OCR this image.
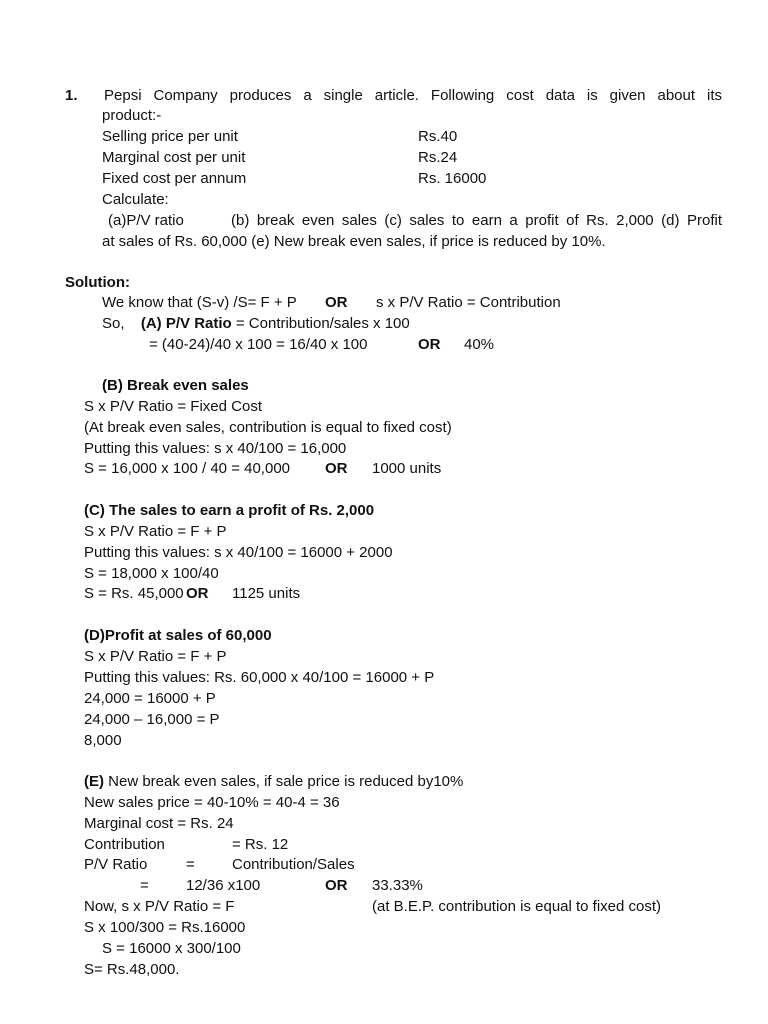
1. Pepsi Company produces a single article. Following cost data is given about its
product:-
Selling price per unit	Rs.40
Marginal cost per unit	Rs.24
Fixed cost per annum	Rs. 16000
Calculate:
(a)P/V ratio	(b) break even sales (c) sales to earn a profit of Rs. 2,000 (d) Profit
at sales of Rs. 60,000 (e) New break even sales, if price is reduced by 10%.
Solution:
We know that (S-v) /S= F + P OR s x P/V Ratio = Contribution
So, (A) P/V Ratio = Contribution/sales x 100
= (40-24)/40 x 100 = 16/40 x 100	OR 40%
(B) Break even sales
S x P/V Ratio = Fixed Cost
(At break even sales, contribution is equal to fixed cost)
Putting this values: s x 40/100 = 16,000
S = 16,000 x 100 / 40 = 40,000 OR 1000 units
(C) The sales to earn a profit of Rs. 2,000
S x P/V Ratio = F + P
Putting this values: s x 40/100 = 16000 + 2000
S = 18,000 x 100/40
S = Rs. 45,000 OR 1125 units
(D)Profit at sales of 60,000
S x P/V Ratio = F + P
Putting this values: Rs. 60,000 x 40/100 = 16000 + P
24,000 = 16000 + P
24,000 – 16,000 = P
8,000
(E) New break even sales, if sale price is reduced by10%
New sales price = 40-10% = 40-4 = 36
Marginal cost = Rs. 24
Contribution	= Rs. 12
P/V Ratio	= Contribution/Sales
= 12/36 x100	OR 33.33%
Now, s x P/V Ratio = F	(at B.E.P. contribution is equal to fixed cost)
S x 100/300 = Rs.16000
S = 16000 x 300/100
S= Rs.48,000.
